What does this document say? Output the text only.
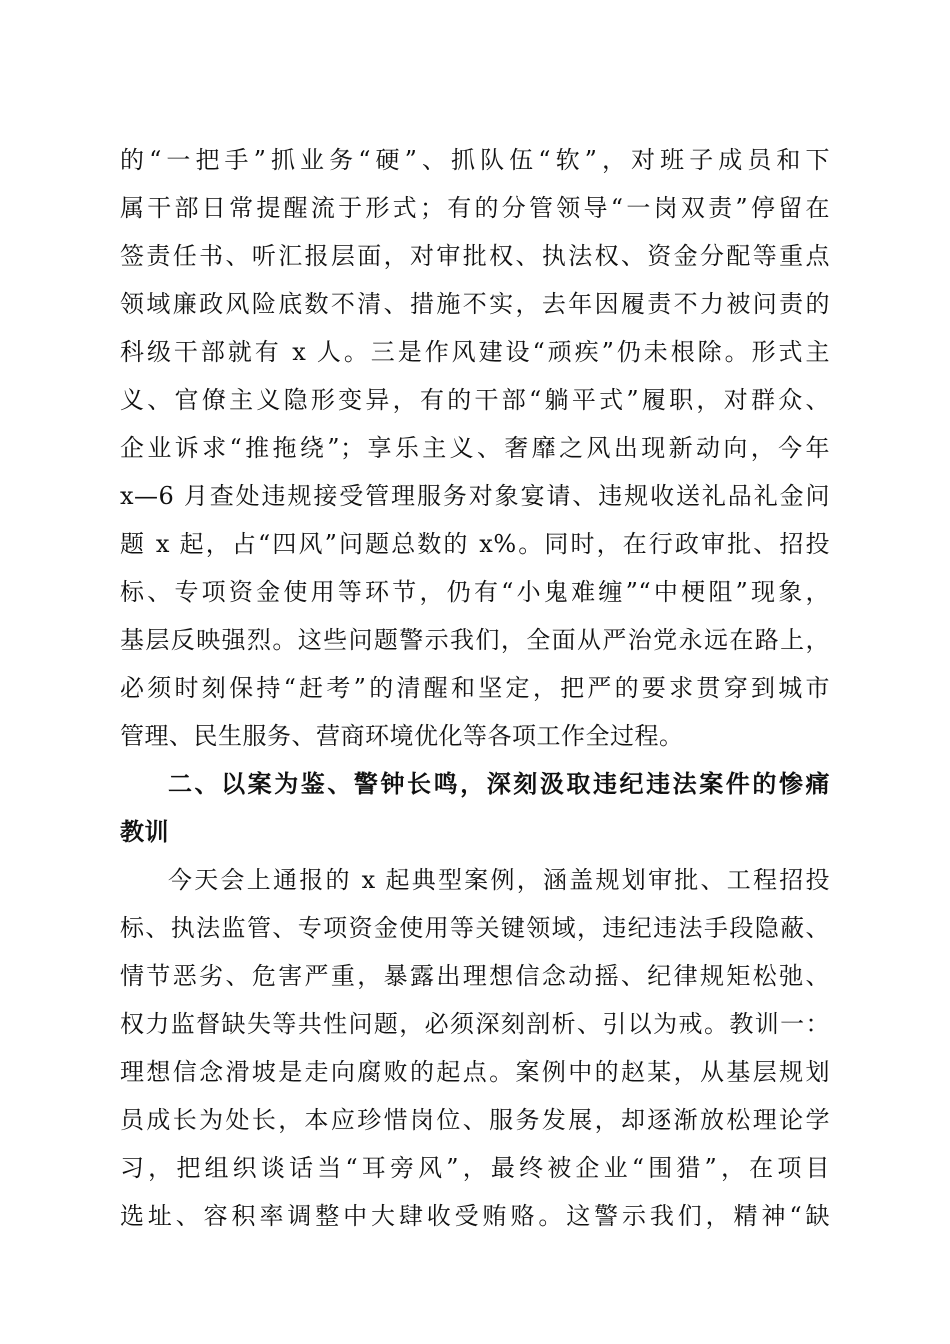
的“一把手”抓业务“硬”、抓队伍“软”，对班子成员和下
属干部日常提醒流于形式；有的分管领导“一岗双责”停留在
签责任书、听汇报层面，对审批权、执法权、资金分配等重点
领域廉政风险底数不清、措施不实，去年因履责不力被问责的
科级干部就有 x 人。三是作风建设“顽疾”仍未根除。形式主
义、官僚主义隐形变异，有的干部“躺平式”履职，对群众、
企业诉求“推拖绕”；享乐主义、奢靡之风出现新动向，今年
x—6 月查处违规接受管理服务对象宴请、违规收送礼品礼金问
题 x 起，占“四风”问题总数的 x%。同时，在行政审批、招投
标、专项资金使用等环节，仍有“小鬼难缠”“中梗阻”现象，
基层反映强烈。这些问题警示我们，全面从严治党永远在路上，
必须时刻保持“赶考”的清醒和坚定，把严的要求贯穿到城市
管理、民生服务、营商环境优化等各项工作全过程。
二、以案为鉴、警钟长鸣，深刻汲取违纪违法案件的惨痛
教训
今天会上通报的 x 起典型案例，涵盖规划审批、工程招投
标、执法监管、专项资金使用等关键领域，违纪违法手段隐蔽、
情节恶劣、危害严重，暴露出理想信念动摇、纪律规矩松弛、
权力监督缺失等共性问题，必须深刻剖析、引以为戒。教训一：
理想信念滑坡是走向腐败的起点。案例中的赵某，从基层规划
员成长为处长，本应珍惜岗位、服务发展，却逐渐放松理论学
习，把组织谈话当“耳旁风”，最终被企业“围猎”，在项目
选址、容积率调整中大肆收受贿赂。这警示我们，精神“缺
